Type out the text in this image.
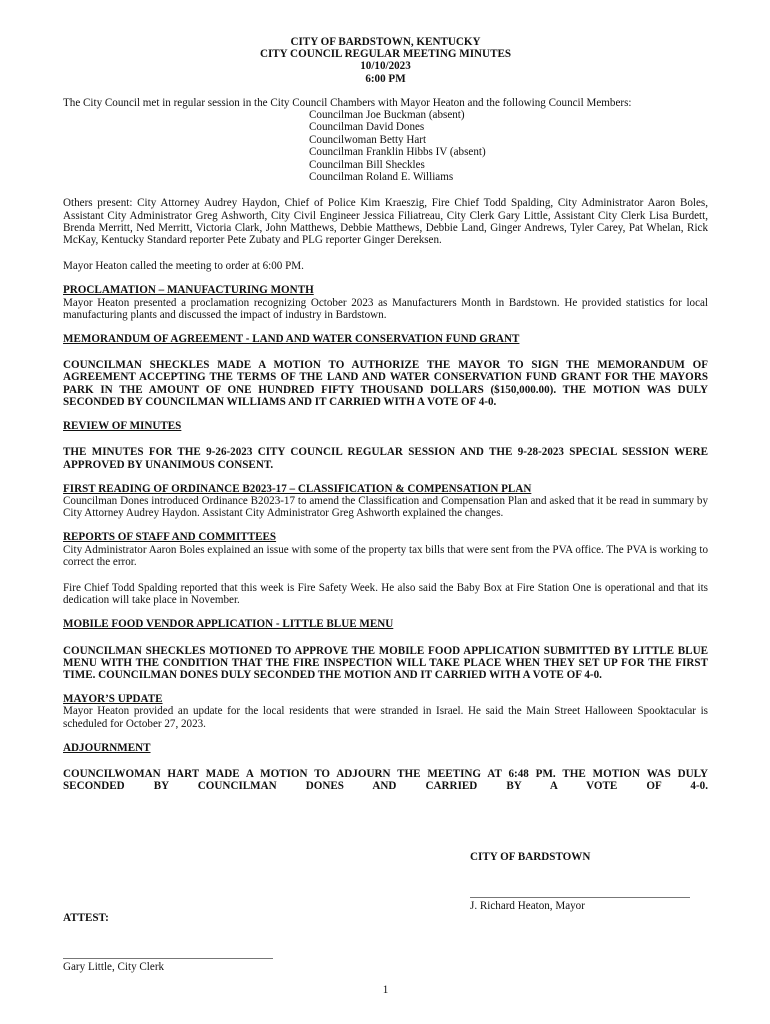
CITY OF BARDSTOWN, KENTUCKY
CITY COUNCIL REGULAR MEETING MINUTES
10/10/2023
6:00 PM

The City Council met in regular session in the City Council Chambers with Mayor Heaton and the following Council Members:

Councilman Joe Buckman (absent)
Councilman David Dones
Councilwoman Betty Hart
Councilman Franklin Hibbs IV (absent)
Councilman Bill Sheckles
Councilman Roland E. Williams

Others present: City Attorney Audrey Haydon, Chief of Police Kim Kraeszig, Fire Chief Todd Spalding, City Administrator Aaron Boles, Assistant City Administrator Greg Ashworth, City Civil Engineer Jessica Filiatreau, City Clerk Gary Little, Assistant City Clerk Lisa Burdett, Brenda Merritt, Ned Merritt, Victoria Clark, John Matthews, Debbie Matthews, Debbie Land, Ginger Andrews, Tyler Carey, Pat Whelan, Rick McKay, Kentucky Standard reporter Pete Zubaty and PLG reporter Ginger Dereksen.

Mayor Heaton called the meeting to order at 6:00 PM.

PROCLAMATION – MANUFACTURING MONTH

Mayor Heaton presented a proclamation recognizing October 2023 as Manufacturers Month in Bardstown. He provided statistics for local manufacturing plants and discussed the impact of industry in Bardstown.

MEMORANDUM OF AGREEMENT - LAND AND WATER CONSERVATION FUND GRANT

COUNCILMAN SHECKLES MADE A MOTION TO AUTHORIZE THE MAYOR TO SIGN THE MEMORANDUM OF AGREEMENT ACCEPTING THE TERMS OF THE LAND AND WATER CONSERVATION FUND GRANT FOR THE MAYORS PARK IN THE AMOUNT OF ONE HUNDRED FIFTY THOUSAND DOLLARS ($150,000.00). THE MOTION WAS DULY SECONDED BY COUNCILMAN WILLIAMS AND IT CARRIED WITH A VOTE OF 4-0.

REVIEW OF MINUTES

THE MINUTES FOR THE 9-26-2023 CITY COUNCIL REGULAR SESSION AND THE 9-28-2023 SPECIAL SESSION WERE APPROVED BY UNANIMOUS CONSENT.

FIRST READING OF ORDINANCE B2023-17 – CLASSIFICATION & COMPENSATION PLAN

Councilman Dones introduced Ordinance B2023-17 to amend the Classification and Compensation Plan and asked that it be read in summary by City Attorney Audrey Haydon. Assistant City Administrator Greg Ashworth explained the changes.

REPORTS OF STAFF AND COMMITTEES

City Administrator Aaron Boles explained an issue with some of the property tax bills that were sent from the PVA office. The PVA is working to correct the error.

Fire Chief Todd Spalding reported that this week is Fire Safety Week. He also said the Baby Box at Fire Station One is operational and that its dedication will take place in November.

MOBILE FOOD VENDOR APPLICATION - LITTLE BLUE MENU

COUNCILMAN SHECKLES MOTIONED TO APPROVE THE MOBILE FOOD APPLICATION SUBMITTED BY LITTLE BLUE MENU WITH THE CONDITION THAT THE FIRE INSPECTION WILL TAKE PLACE WHEN THEY SET UP FOR THE FIRST TIME. COUNCILMAN DONES DULY SECONDED THE MOTION AND IT CARRIED WITH A VOTE OF 4-0.

MAYOR’S UPDATE

Mayor Heaton provided an update for the local residents that were stranded in Israel. He said the Main Street Halloween Spooktacular is scheduled for October 27, 2023.

ADJOURNMENT

COUNCILWOMAN HART MADE A MOTION TO ADJOURN THE MEETING AT 6:48 PM. THE MOTION WAS DULY SECONDED BY COUNCILMAN DONES AND CARRIED BY A VOTE OF 4-0.

CITY OF BARDSTOWN
J. Richard Heaton, Mayor
ATTEST:
Gary Little, City Clerk
1
